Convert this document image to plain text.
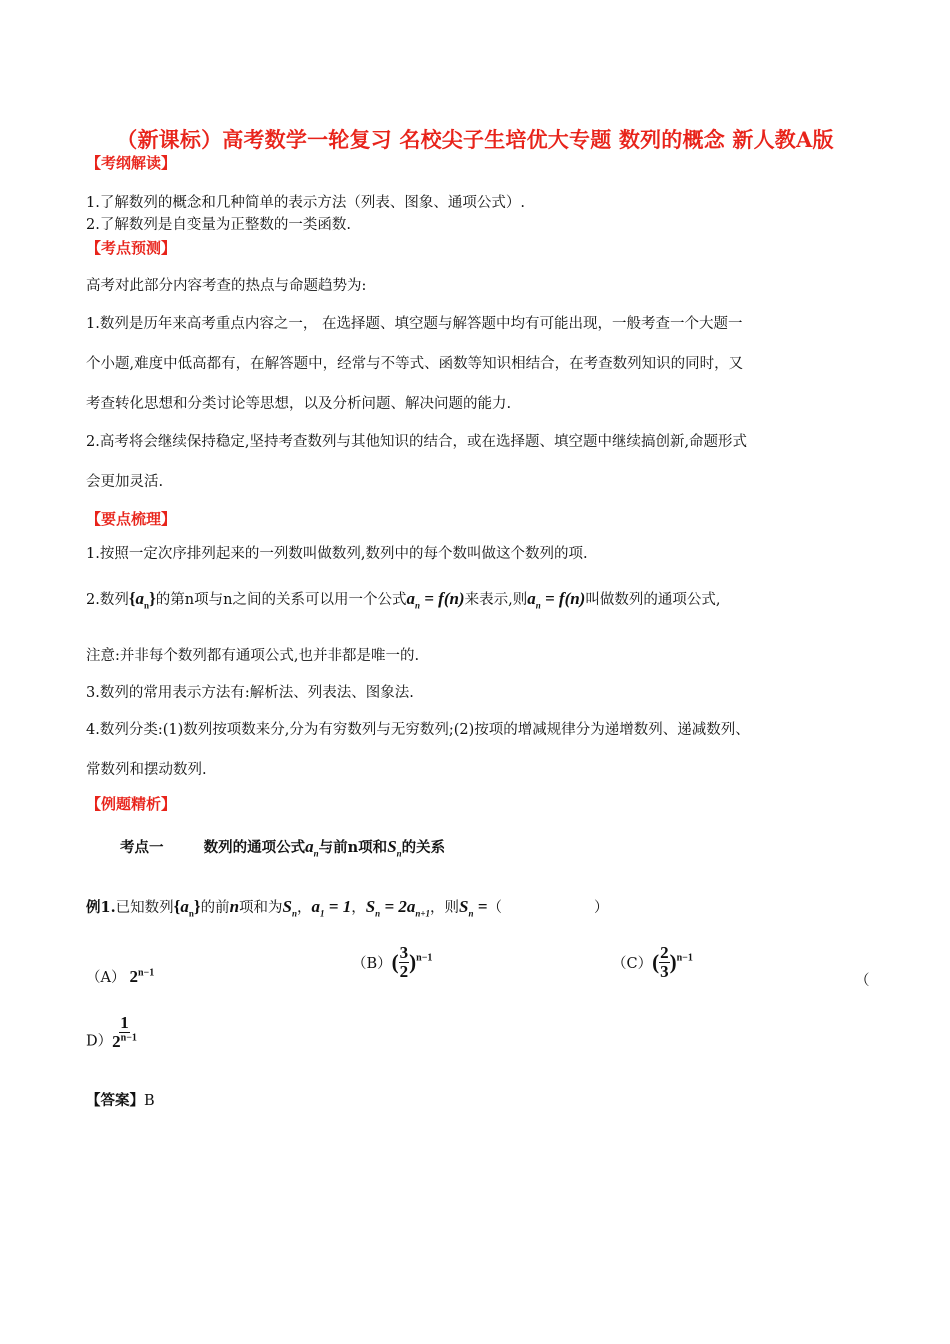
（新课标）高考数学一轮复习 名校尖子生培优大专题 数列的概念 新人教A版
【考纲解读】
1.了解数列的概念和几种简单的表示方法（列表、图象、通项公式）.
2.了解数列是自变量为正整数的一类函数.
【考点预测】
高考对此部分内容考查的热点与命题趋势为:
1.数列是历年来高考重点内容之一， 在选择题、填空题与解答题中均有可能出现，一般考查一个大题一
个小题,难度中低高都有，在解答题中，经常与不等式、函数等知识相结合，在考查数列知识的同时，又
考查转化思想和分类讨论等思想，以及分析问题、解决问题的能力.
2.高考将会继续保持稳定,坚持考查数列与其他知识的结合，或在选择题、填空题中继续搞创新,命题形式
会更加灵活.
【要点梳理】
1.按照一定次序排列起来的一列数叫做数列,数列中的每个数叫做这个数列的项.
2.数列$\{a_n\}$的第n项与n之间的关系可以用一个公式$a_n = f(n)$来表示,则$a_n = f(n)$叫做数列的通项公式,
注意:并非每个数列都有通项公式,也并非都是唯一的.
3.数列的常用表示方法有:解析法、列表法、图象法.
4.数列分类:(1)数列按项数来分,分为有穷数列与无穷数列;(2)按项的增减规律分为递增数列、递减数列、
常数列和摆动数列.
【例题精析】
考点一	数列的通项公式$a_n$与前n项和$S_n$的关系
例1.已知数列$\{a_n\}$的前n项和为$S_n$，$a_1 = 1$，$S_n = 2a_{n+1}$，则$S_n$ =（	）
（A） $2^{n-1}$
$(B)( \frac{3}{2} )^{n-1}$	$(C)( \frac{2}{3} )^{n-1}$
（
$D) \frac{1}{2^{n-1}}$
【答案】B
